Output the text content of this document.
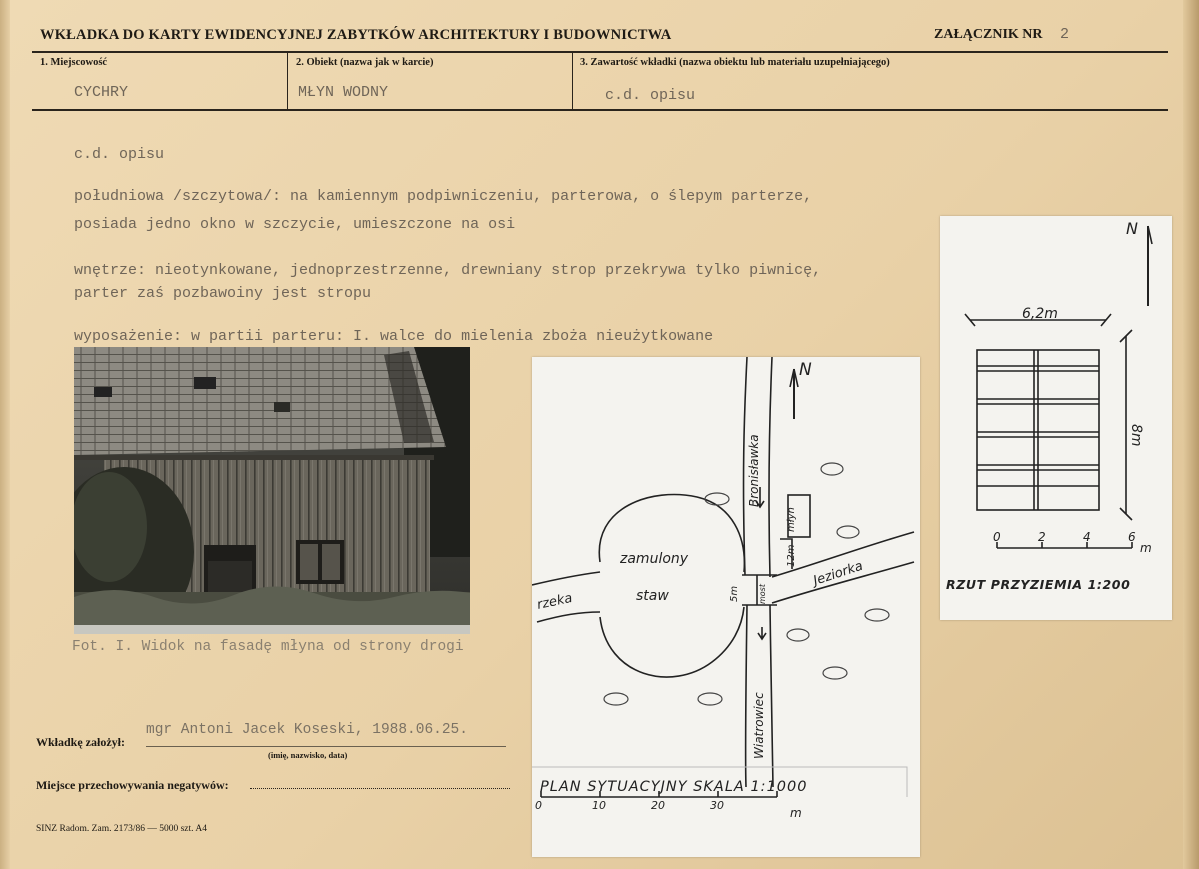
WKŁADKA DO KARTY EWIDENCYJNEJ ZABYTKÓW ARCHITEKTURY I BUDOWNICTWA	ZAŁĄCZNIK NR 2
1. Miejscowość
CYCHRY
2. Obiekt (nazwa jak w karcie)
MŁYN WODNY
3. Zawartość wkładki (nazwa obiektu lub materiału uzupełniającego)
c.d. opisu
c.d. opisu
południowa /szczytowa/: na kamiennym podpiwniczeniu, parterowa, o ślepym parterze,
posiada jedno okno w szczycie, umieszczone na osi
wnętrze: nieotynkowane, jednoprzestrzenne, drewniany strop przekrywa tylko piwnicę,
parter zaś pozbawoiny jest stropu
wyposażenie: w partii parteru: I. walce do mielenia zboża nieużytkowane
Fot. I. Widok na fasadę młyna od strony drogi
N
Bronisławka
Wiatrowiec
młyn
zamulony
staw
rzeka
Jeziorka
5m
12m
most
PLAN SYTUACYJNY SKALA 1:1000
0	10	20	30
m
N
6,2m
8m
0	2	4	6
m
RZUT PRZYZIEMIA 1:200
Wkładkę założył:
mgr Antoni Jacek Koseski, 1988.06.25.
(imię, nazwisko, data)
Miejsce przechowywania negatywów:
SINZ Radom. Zam. 2173/86 — 5000 szt. A4
